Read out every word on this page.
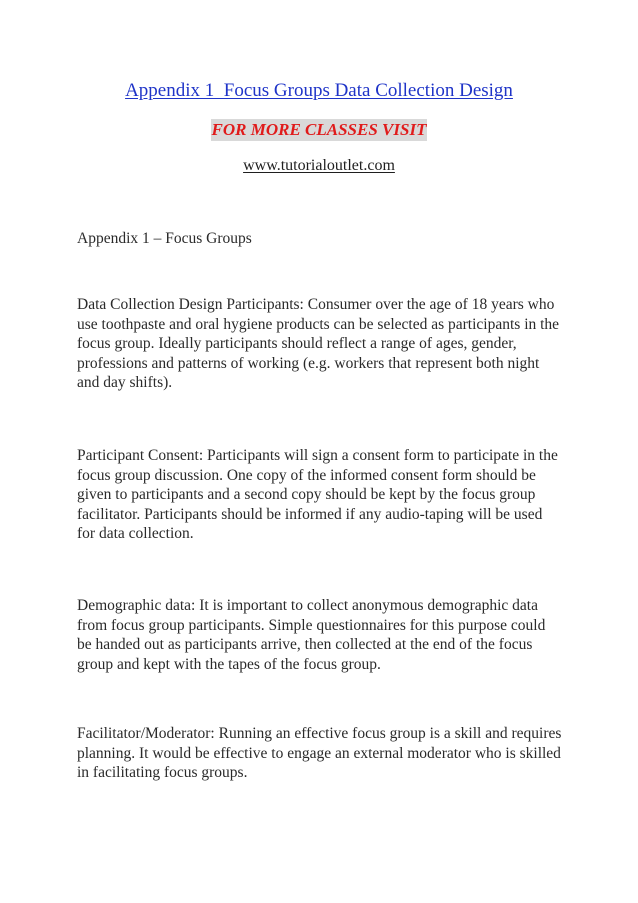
Appendix 1  Focus Groups Data Collection Design
FOR MORE CLASSES VISIT
www.tutorialoutlet.com

Appendix 1 – Focus Groups

Data Collection Design Participants: Consumer over the age of 18 years who use toothpaste and oral hygiene products can be selected as participants in the focus group. Ideally participants should reflect a range of ages, gender, professions and patterns of working (e.g. workers that represent both night and day shifts).

Participant Consent: Participants will sign a consent form to participate in the focus group discussion. One copy of the informed consent form should be given to participants and a second copy should be kept by the focus group facilitator. Participants should be informed if any audio-taping will be used for data collection.

Demographic data: It is important to collect anonymous demographic data from focus group participants. Simple questionnaires for this purpose could be handed out as participants arrive, then collected at the end of the focus group and kept with the tapes of the focus group.

Facilitator/Moderator: Running an effective focus group is a skill and requires planning. It would be effective to engage an external moderator who is skilled in facilitating focus groups.
